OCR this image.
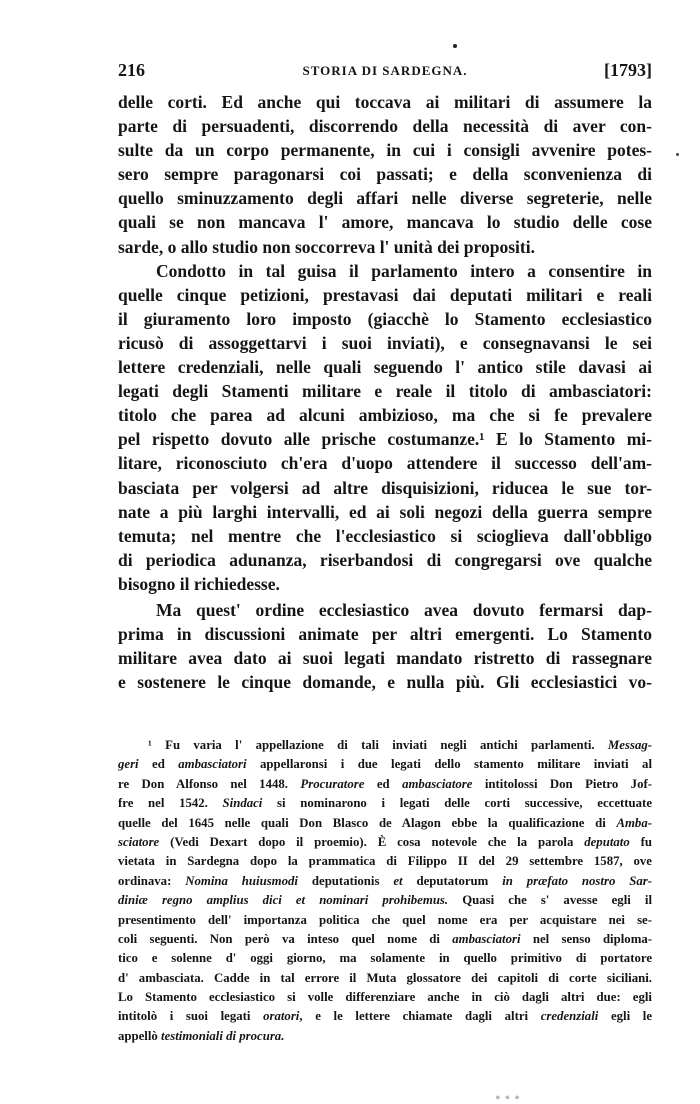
216	STORIA DI SARDEGNA.	[1793]
delle corti. Ed anche qui toccava ai militari di assumere la
parte di persuadenti, discorrendo della necessità di aver con-
sulte da un corpo permanente, in cui i consigli avvenire potes-
sero sempre paragonarsi coi passati; e della sconvenienza di
quello sminuzzamento degli affari nelle diverse segreterie, nelle
quali se non mancava l' amore, mancava lo studio delle cose
sarde, o allo studio non soccorreva l' unità dei propositi.
Condotto in tal guisa il parlamento intero a consentire in
quelle cinque petizioni, prestavasi dai deputati militari e reali
il giuramento loro imposto (giacchè lo Stamento ecclesiastico
ricusò di assoggettarvi i suoi inviati), e consegnavansi le sei
lettere credenziali, nelle quali seguendo l' antico stile davasi ai
legati degli Stamenti militare e reale il titolo di ambasciatori:
titolo che parea ad alcuni ambizioso, ma che si fe prevalere
pel rispetto dovuto alle prische costumanze.¹ E lo Stamento mi-
litare, riconosciuto ch'era d'uopo attendere il successo dell'am-
basciata per volgersi ad altre disquisizioni, riducea le sue tor-
nate a più larghi intervalli, ed ai soli negozi della guerra sempre
temuta; nel mentre che l'ecclesiastico si scioglieva dall'obbligo
di periodica adunanza, riserbandosi di congregarsi ove qualche
bisogno il richiedesse.
Ma quest' ordine ecclesiastico avea dovuto fermarsi dap-
prima in discussioni animate per altri emergenti. Lo Stamento
militare avea dato ai suoi legati mandato ristretto di rassegnare
e sostenere le cinque domande, e nulla più. Gli ecclesiastici vo-
¹ Fu varia l' appellazione di tali inviati negli antichi parlamenti. Messag-
geri ed ambasciatori appellaronsi i due legati dello stamento militare inviati al
re Don Alfonso nel 1448. Procuratore ed ambasciatore intitolossi Don Pietro Jof-
fre nel 1542. Sindaci si nominarono i legati delle corti successive, eccettuate
quelle del 1645 nelle quali Don Blasco de Alagon ebbe la qualificazione di Amba-
sciatore (Vedi Dexart dopo il proemio). È cosa notevole che la parola deputato fu
vietata in Sardegna dopo la prammatica di Filippo II del 29 settembre 1587, ove
ordinava: Nomina huiusmodi deputationis et deputatorum in præfato nostro Sar-
diniæ regno amplius dici et nominari prohibemus. Quasi che s' avesse egli il
presentimento dell' importanza politica che quel nome era per acquistare nei se-
coli seguenti. Non però va inteso quel nome di ambasciatori nel senso diploma-
tico e solenne d' oggi giorno, ma solamente in quello primitivo di portatore
d' ambasciata. Cadde in tal errore il Muta glossatore dei capitoli di corte siciliani.
Lo Stamento ecclesiastico si volle differenziare anche in ciò dagli altri due: egli
intitolò i suoi legati oratori, e le lettere chiamate dagli altri credenziali egli le
appellò testimoniali di procura.
• • •
